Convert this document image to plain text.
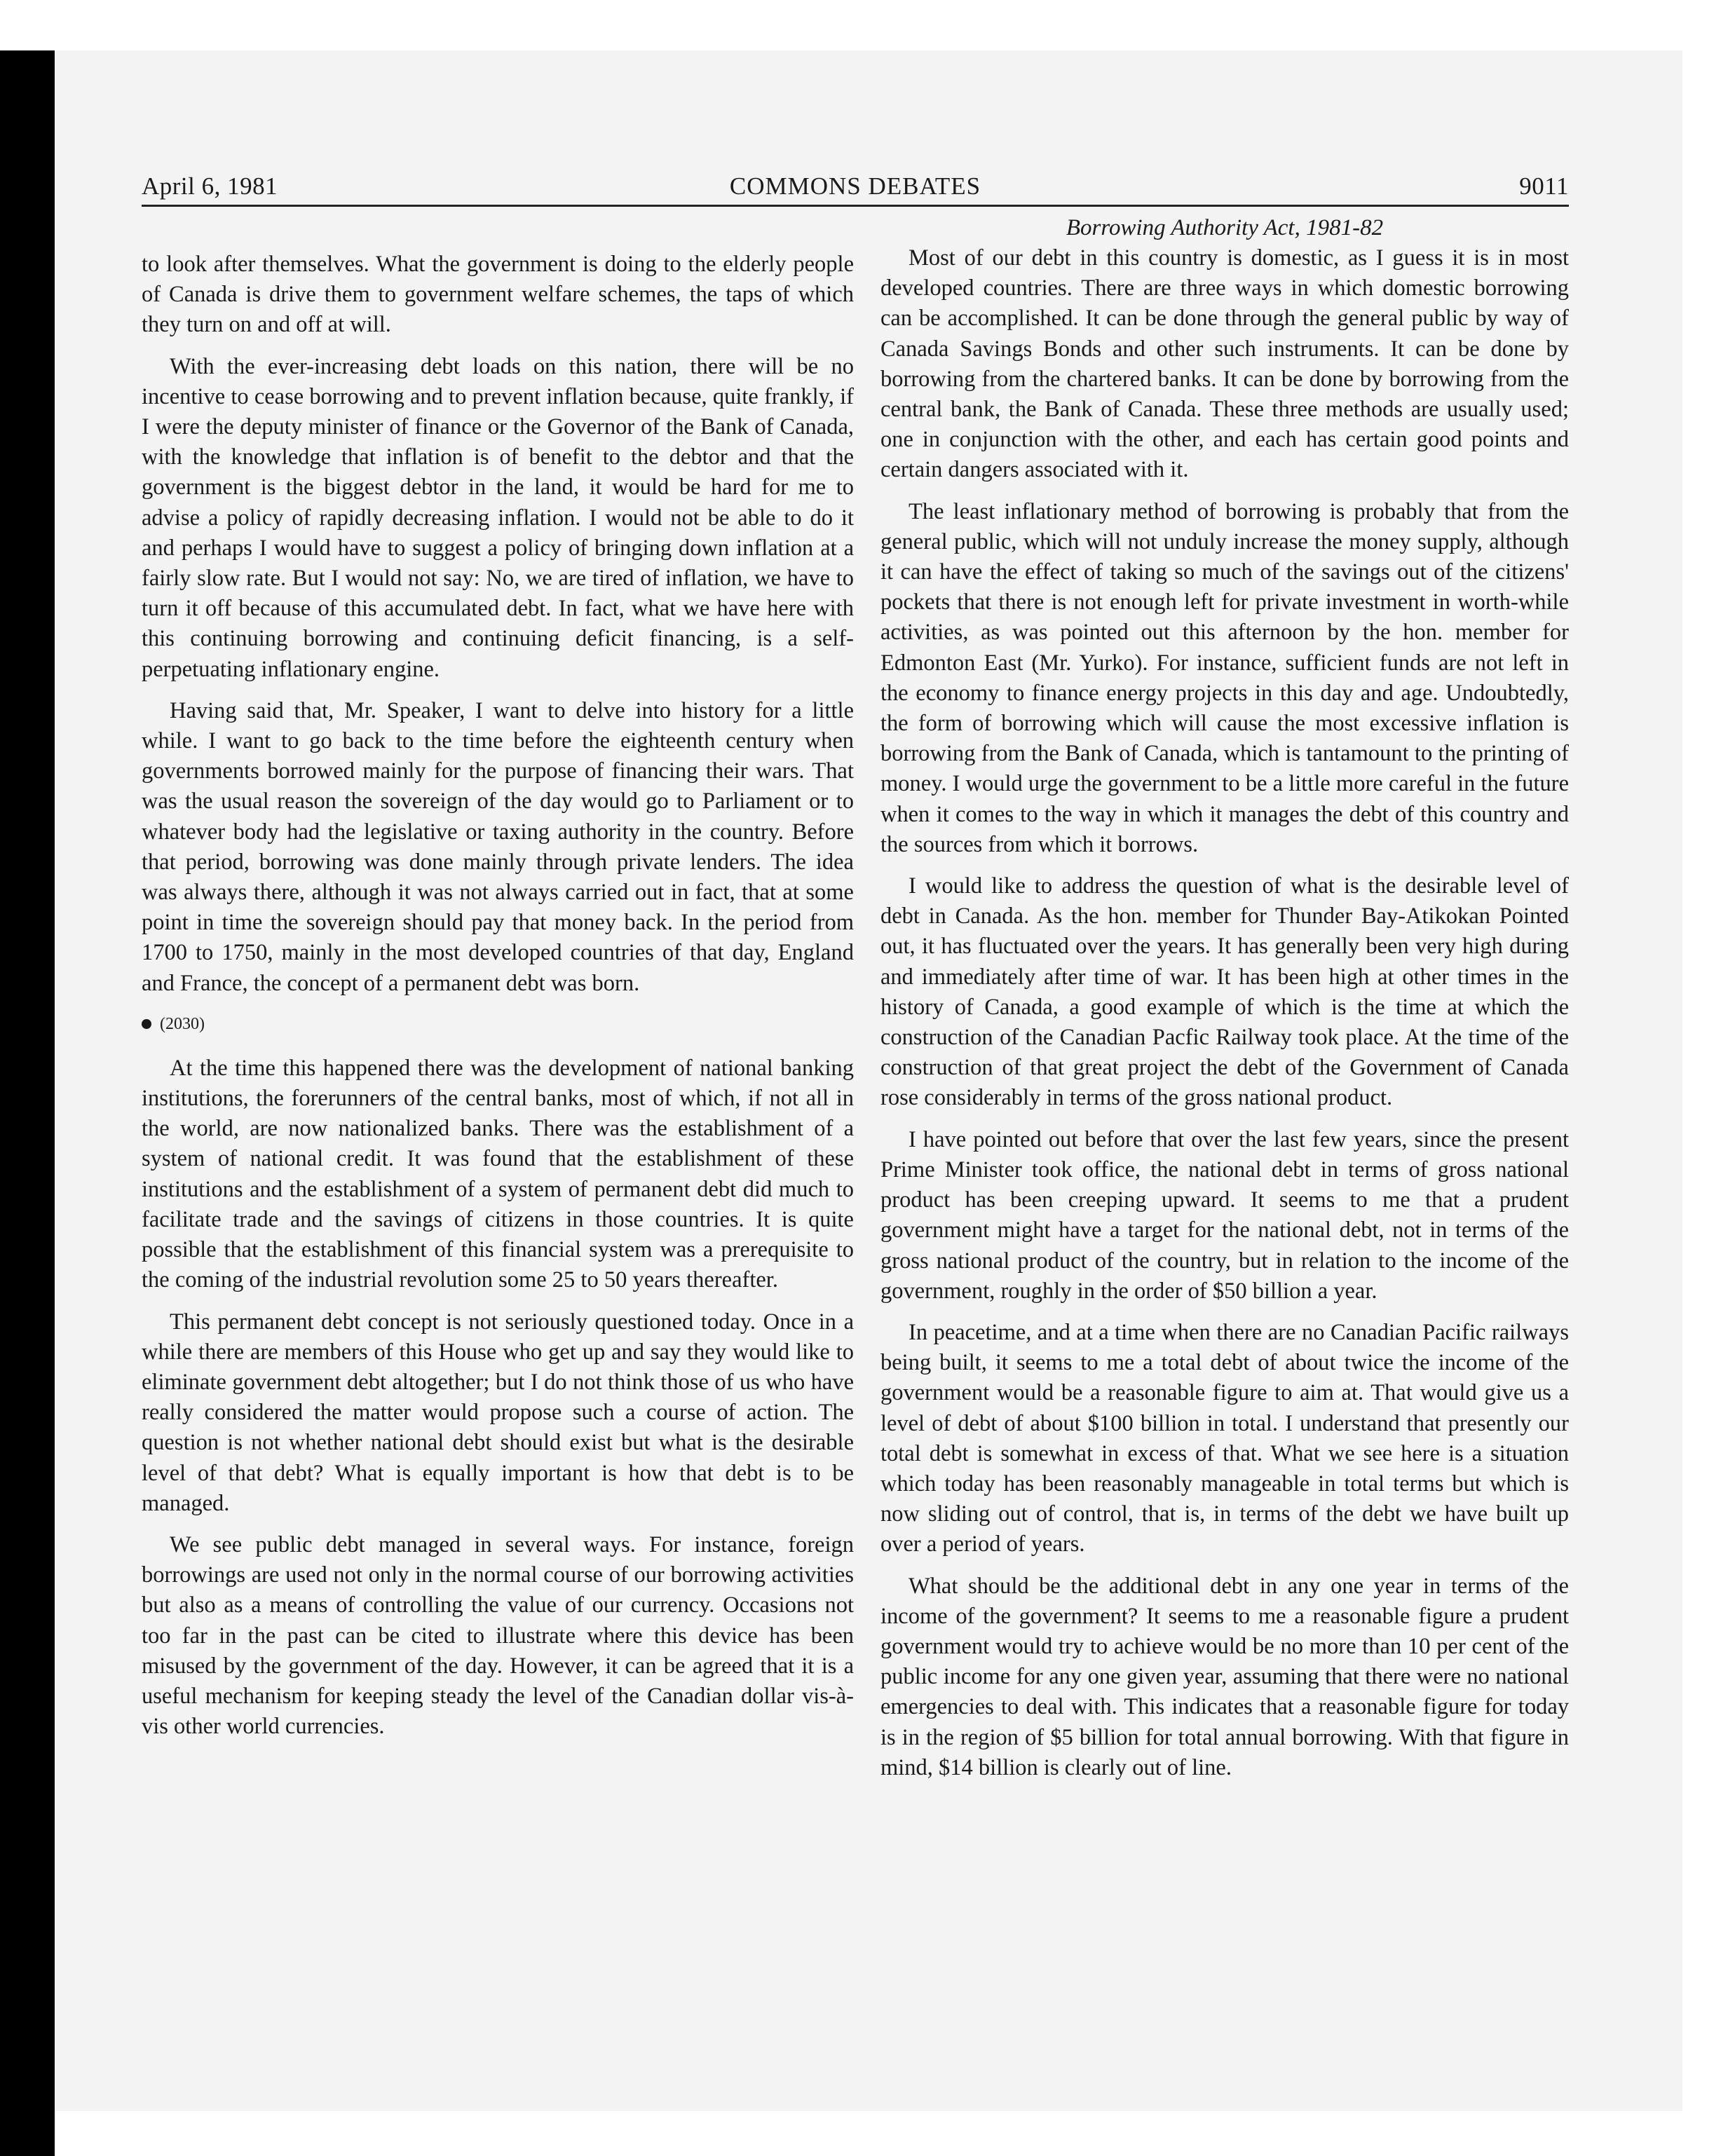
April 6, 1981	COMMONS DEBATES	9011

to look after themselves. What the government is doing to the elderly people of Canada is drive them to government welfare schemes, the taps of which they turn on and off at will.

With the ever-increasing debt loads on this nation, there will be no incentive to cease borrowing and to prevent inflation because, quite frankly, if I were the deputy minister of finance or the Governor of the Bank of Canada, with the knowledge that inflation is of benefit to the debtor and that the government is the biggest debtor in the land, it would be hard for me to advise a policy of rapidly decreasing inflation. I would not be able to do it and perhaps I would have to suggest a policy of bringing down inflation at a fairly slow rate. But I would not say: No, we are tired of inflation, we have to turn it off because of this accumulated debt. In fact, what we have here with this continuing borrowing and continuing deficit financing, is a self-perpetuating inflationary engine.

Having said that, Mr. Speaker, I want to delve into history for a little while. I want to go back to the time before the eighteenth century when governments borrowed mainly for the purpose of financing their wars. That was the usual reason the sovereign of the day would go to Parliament or to whatever body had the legislative or taxing authority in the country. Before that period, borrowing was done mainly through private lenders. The idea was always there, although it was not always carried out in fact, that at some point in time the sovereign should pay that money back. In the period from 1700 to 1750, mainly in the most developed countries of that day, England and France, the concept of a permanent debt was born.

(2030)

At the time this happened there was the development of national banking institutions, the forerunners of the central banks, most of which, if not all in the world, are now nationalized banks. There was the establishment of a system of national credit. It was found that the establishment of these institutions and the establishment of a system of permanent debt did much to facilitate trade and the savings of citizens in those countries. It is quite possible that the establishment of this financial system was a prerequisite to the coming of the industrial revolution some 25 to 50 years thereafter.

This permanent debt concept is not seriously questioned today. Once in a while there are members of this House who get up and say they would like to eliminate government debt altogether; but I do not think those of us who have really considered the matter would propose such a course of action. The question is not whether national debt should exist but what is the desirable level of that debt? What is equally important is how that debt is to be managed.

We see public debt managed in several ways. For instance, foreign borrowings are used not only in the normal course of our borrowing activities but also as a means of controlling the value of our currency. Occasions not too far in the past can be cited to illustrate where this device has been misused by the government of the day. However, it can be agreed that it is a useful mechanism for keeping steady the level of the Canadian dollar vis-à-vis other world currencies.

Borrowing Authority Act, 1981-82

Most of our debt in this country is domestic, as I guess it is in most developed countries. There are three ways in which domestic borrowing can be accomplished. It can be done through the general public by way of Canada Savings Bonds and other such instruments. It can be done by borrowing from the chartered banks. It can be done by borrowing from the central bank, the Bank of Canada. These three methods are usually used; one in conjunction with the other, and each has certain good points and certain dangers associated with it.

The least inflationary method of borrowing is probably that from the general public, which will not unduly increase the money supply, although it can have the effect of taking so much of the savings out of the citizens' pockets that there is not enough left for private investment in worth-while activities, as was pointed out this afternoon by the hon. member for Edmonton East (Mr. Yurko). For instance, sufficient funds are not left in the economy to finance energy projects in this day and age. Undoubtedly, the form of borrowing which will cause the most excessive inflation is borrowing from the Bank of Canada, which is tantamount to the printing of money. I would urge the government to be a little more careful in the future when it comes to the way in which it manages the debt of this country and the sources from which it borrows.

I would like to address the question of what is the desirable level of debt in Canada. As the hon. member for Thunder Bay-Atikokan Pointed out, it has fluctuated over the years. It has generally been very high during and immediately after time of war. It has been high at other times in the history of Canada, a good example of which is the time at which the construction of the Canadian Pacfic Railway took place. At the time of the construction of that great project the debt of the Government of Canada rose considerably in terms of the gross national product.

I have pointed out before that over the last few years, since the present Prime Minister took office, the national debt in terms of gross national product has been creeping upward. It seems to me that a prudent government might have a target for the national debt, not in terms of the gross national product of the country, but in relation to the income of the government, roughly in the order of $50 billion a year.

In peacetime, and at a time when there are no Canadian Pacific railways being built, it seems to me a total debt of about twice the income of the government would be a reasonable figure to aim at. That would give us a level of debt of about $100 billion in total. I understand that presently our total debt is somewhat in excess of that. What we see here is a situation which today has been reasonably manageable in total terms but which is now sliding out of control, that is, in terms of the debt we have built up over a period of years.

What should be the additional debt in any one year in terms of the income of the government? It seems to me a reasonable figure a prudent government would try to achieve would be no more than 10 per cent of the public income for any one given year, assuming that there were no national emergencies to deal with. This indicates that a reasonable figure for today is in the region of $5 billion for total annual borrowing. With that figure in mind, $14 billion is clearly out of line.
